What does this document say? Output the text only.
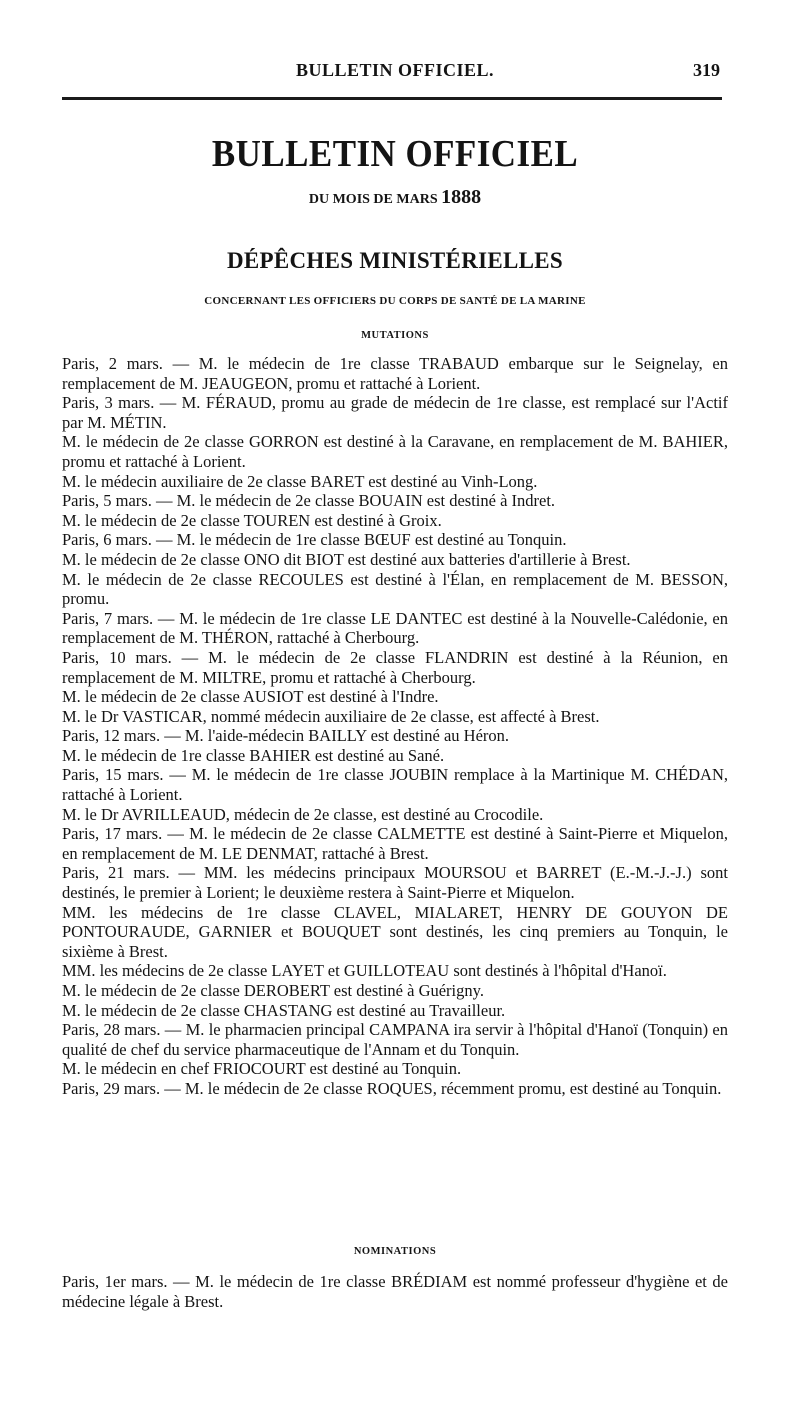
BULLETIN OFFICIEL.	319
BULLETIN OFFICIEL
DU MOIS DE MARS 1888
DÉPÊCHES MINISTÉRIELLES
CONCERNANT LES OFFICIERS DU CORPS DE SANTÉ DE LA MARINE
MUTATIONS

Paris, 2 mars. — M. le médecin de 1re classe TRABAUD embarque sur le Seignelay, en remplacement de M. JEAUGEON, promu et rattaché à Lorient.

Paris, 3 mars. — M. FÉRAUD, promu au grade de médecin de 1re classe, est remplacé sur l'Actif par M. MÉTIN.

M. le médecin de 2e classe GORRON est destiné à la Caravane, en remplacement de M. BAHIER, promu et rattaché à Lorient.

M. le médecin auxiliaire de 2e classe BARET est destiné au Vinh-Long.

Paris, 5 mars. — M. le médecin de 2e classe BOUAIN est destiné à Indret.

M. le médecin de 2e classe TOUREN est destiné à Groix.

Paris, 6 mars. — M. le médecin de 1re classe BŒUF est destiné au Tonquin.

M. le médecin de 2e classe ONO dit BIOT est destiné aux batteries d'artillerie à Brest.

M. le médecin de 2e classe RECOULES est destiné à l'Élan, en remplacement de M. BESSON, promu.

Paris, 7 mars. — M. le médecin de 1re classe LE DANTEC est destiné à la Nouvelle-Calédonie, en remplacement de M. THÉRON, rattaché à Cherbourg.

Paris, 10 mars. — M. le médecin de 2e classe FLANDRIN est destiné à la Réunion, en remplacement de M. MILTRE, promu et rattaché à Cherbourg.

M. le médecin de 2e classe AUSIOT est destiné à l'Indre.

M. le Dr VASTICAR, nommé médecin auxiliaire de 2e classe, est affecté à Brest.

Paris, 12 mars. — M. l'aide-médecin BAILLY est destiné au Héron.

M. le médecin de 1re classe BAHIER est destiné au Sané.

Paris, 15 mars. — M. le médecin de 1re classe JOUBIN remplace à la Martinique M. CHÉDAN, rattaché à Lorient.

M. le Dr AVRILLEAUD, médecin de 2e classe, est destiné au Crocodile.

Paris, 17 mars. — M. le médecin de 2e classe CALMETTE est destiné à Saint-Pierre et Miquelon, en remplacement de M. LE DENMAT, rattaché à Brest.

Paris, 21 mars. — MM. les médecins principaux MOURSOU et BARRET (E.-M.-J.-J.) sont destinés, le premier à Lorient; le deuxième restera à Saint-Pierre et Miquelon.

MM. les médecins de 1re classe CLAVEL, MIALARET, HENRY DE GOUYON DE PONTOURAUDE, GARNIER et BOUQUET sont destinés, les cinq premiers au Tonquin, le sixième à Brest.

MM. les médecins de 2e classe LAYET et GUILLOTEAU sont destinés à l'hôpital d'Hanoï.

M. le médecin de 2e classe DEROBERT est destiné à Guérigny.

M. le médecin de 2e classe CHASTANG est destiné au Travailleur.

Paris, 28 mars. — M. le pharmacien principal CAMPANA ira servir à l'hôpital d'Hanoï (Tonquin) en qualité de chef du service pharmaceutique de l'Annam et du Tonquin.

M. le médecin en chef FRIOCOURT est destiné au Tonquin.

Paris, 29 mars. — M. le médecin de 2e classe ROQUES, récemment promu, est destiné au Tonquin.

NOMINATIONS

Paris, 1er mars. — M. le médecin de 1re classe BRÉDIAM est nommé professeur d'hygiène et de médecine légale à Brest.
